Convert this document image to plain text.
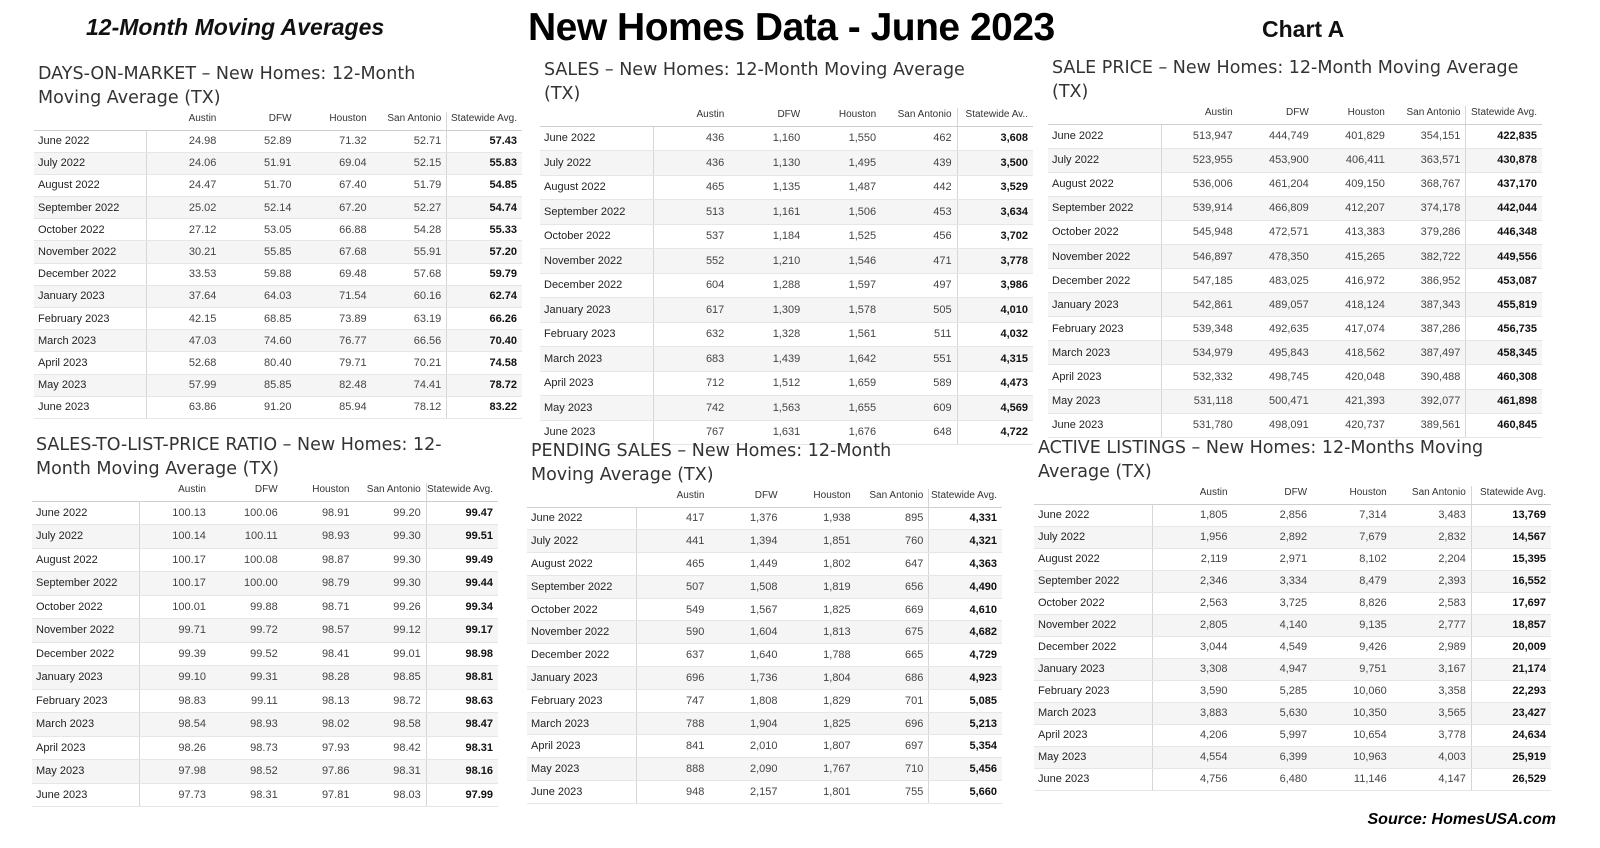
12-Month Moving Averages	New Homes Data - June 2023	Chart A
DAYS-ON-MARKET – New Homes: 12-Month Moving Average (TX)
	Austin	DFW	Houston	San Antonio	Statewide Avg.
June 2022	24.98	52.89	71.32	52.71	57.43
July 2022	24.06	51.91	69.04	52.15	55.83
August 2022	24.47	51.70	67.40	51.79	54.85
September 2022	25.02	52.14	67.20	52.27	54.74
October 2022	27.12	53.05	66.88	54.28	55.33
November 2022	30.21	55.85	67.68	55.91	57.20
December 2022	33.53	59.88	69.48	57.68	59.79
January 2023	37.64	64.03	71.54	60.16	62.74
February 2023	42.15	68.85	73.89	63.19	66.26
March 2023	47.03	74.60	76.77	66.56	70.40
April 2023	52.68	80.40	79.71	70.21	74.58
May 2023	57.99	85.85	82.48	74.41	78.72
June 2023	63.86	91.20	85.94	78.12	83.22
SALES – New Homes: 12-Month Moving Average (TX)
	Austin	DFW	Houston	San Antonio	Statewide Av..
June 2022	436	1,160	1,550	462	3,608
July 2022	436	1,130	1,495	439	3,500
August 2022	465	1,135	1,487	442	3,529
September 2022	513	1,161	1,506	453	3,634
October 2022	537	1,184	1,525	456	3,702
November 2022	552	1,210	1,546	471	3,778
December 2022	604	1,288	1,597	497	3,986
January 2023	617	1,309	1,578	505	4,010
February 2023	632	1,328	1,561	511	4,032
March 2023	683	1,439	1,642	551	4,315
April 2023	712	1,512	1,659	589	4,473
May 2023	742	1,563	1,655	609	4,569
June 2023	767	1,631	1,676	648	4,722
SALE PRICE – New Homes: 12-Month Moving Average (TX)
	Austin	DFW	Houston	San Antonio	Statewide Avg.
June 2022	513,947	444,749	401,829	354,151	422,835
July 2022	523,955	453,900	406,411	363,571	430,878
August 2022	536,006	461,204	409,150	368,767	437,170
September 2022	539,914	466,809	412,207	374,178	442,044
October 2022	545,948	472,571	413,383	379,286	446,348
November 2022	546,897	478,350	415,265	382,722	449,556
December 2022	547,185	483,025	416,972	386,952	453,087
January 2023	542,861	489,057	418,124	387,343	455,819
February 2023	539,348	492,635	417,074	387,286	456,735
March 2023	534,979	495,843	418,562	387,497	458,345
April 2023	532,332	498,745	420,048	390,488	460,308
May 2023	531,118	500,471	421,393	392,077	461,898
June 2023	531,780	498,091	420,737	389,561	460,845
SALES-TO-LIST-PRICE RATIO – New Homes: 12-Month Moving Average (TX)
	Austin	DFW	Houston	San Antonio	Statewide Avg.
June 2022	100.13	100.06	98.91	99.20	99.47
July 2022	100.14	100.11	98.93	99.30	99.51
August 2022	100.17	100.08	98.87	99.30	99.49
September 2022	100.17	100.00	98.79	99.30	99.44
October 2022	100.01	99.88	98.71	99.26	99.34
November 2022	99.71	99.72	98.57	99.12	99.17
December 2022	99.39	99.52	98.41	99.01	98.98
January 2023	99.10	99.31	98.28	98.85	98.81
February 2023	98.83	99.11	98.13	98.72	98.63
March 2023	98.54	98.93	98.02	98.58	98.47
April 2023	98.26	98.73	97.93	98.42	98.31
May 2023	97.98	98.52	97.86	98.31	98.16
June 2023	97.73	98.31	97.81	98.03	97.99
PENDING SALES – New Homes: 12-Month Moving Average (TX)
	Austin	DFW	Houston	San Antonio	Statewide Avg.
June 2022	417	1,376	1,938	895	4,331
July 2022	441	1,394	1,851	760	4,321
August 2022	465	1,449	1,802	647	4,363
September 2022	507	1,508	1,819	656	4,490
October 2022	549	1,567	1,825	669	4,610
November 2022	590	1,604	1,813	675	4,682
December 2022	637	1,640	1,788	665	4,729
January 2023	696	1,736	1,804	686	4,923
February 2023	747	1,808	1,829	701	5,085
March 2023	788	1,904	1,825	696	5,213
April 2023	841	2,010	1,807	697	5,354
May 2023	888	2,090	1,767	710	5,456
June 2023	948	2,157	1,801	755	5,660
ACTIVE LISTINGS – New Homes: 12-Months Moving Average (TX)
	Austin	DFW	Houston	San Antonio	Statewide Avg.
June 2022	1,805	2,856	7,314	3,483	13,769
July 2022	1,956	2,892	7,679	2,832	14,567
August 2022	2,119	2,971	8,102	2,204	15,395
September 2022	2,346	3,334	8,479	2,393	16,552
October 2022	2,563	3,725	8,826	2,583	17,697
November 2022	2,805	4,140	9,135	2,777	18,857
December 2022	3,044	4,549	9,426	2,989	20,009
January 2023	3,308	4,947	9,751	3,167	21,174
February 2023	3,590	5,285	10,060	3,358	22,293
March 2023	3,883	5,630	10,350	3,565	23,427
April 2023	4,206	5,997	10,654	3,778	24,634
May 2023	4,554	6,399	10,963	4,003	25,919
June 2023	4,756	6,480	11,146	4,147	26,529
Source: HomesUSA.com
